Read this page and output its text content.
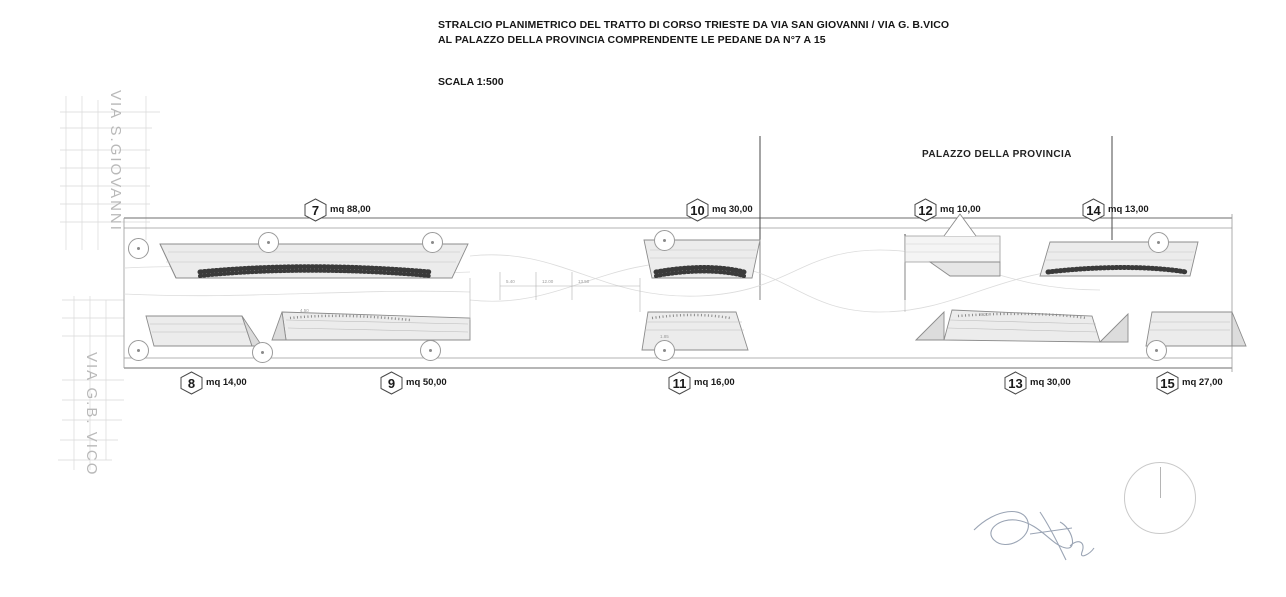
5.40	12.00	13.50
1.85
4.50
6.20
STRALCIO PLANIMETRICO DEL TRATTO DI CORSO TRIESTE DA VIA SAN GIOVANNI / VIA G. B.VICO
AL PALAZZO DELLA PROVINCIA COMPRENDENTE LE PEDANE DA N°7 A 15
SCALA 1:500
PALAZZO DELLA PROVINCIA
VIA S.GIOVANNI
VIA G.B. VICO
7 mq 88,00	10 mq 30,00	12 mq 10,00	14 mq 13,00
8 mq 14,00	9 mq 50,00	11 mq 16,00	13 mq 30,00	15 mq 27,00
